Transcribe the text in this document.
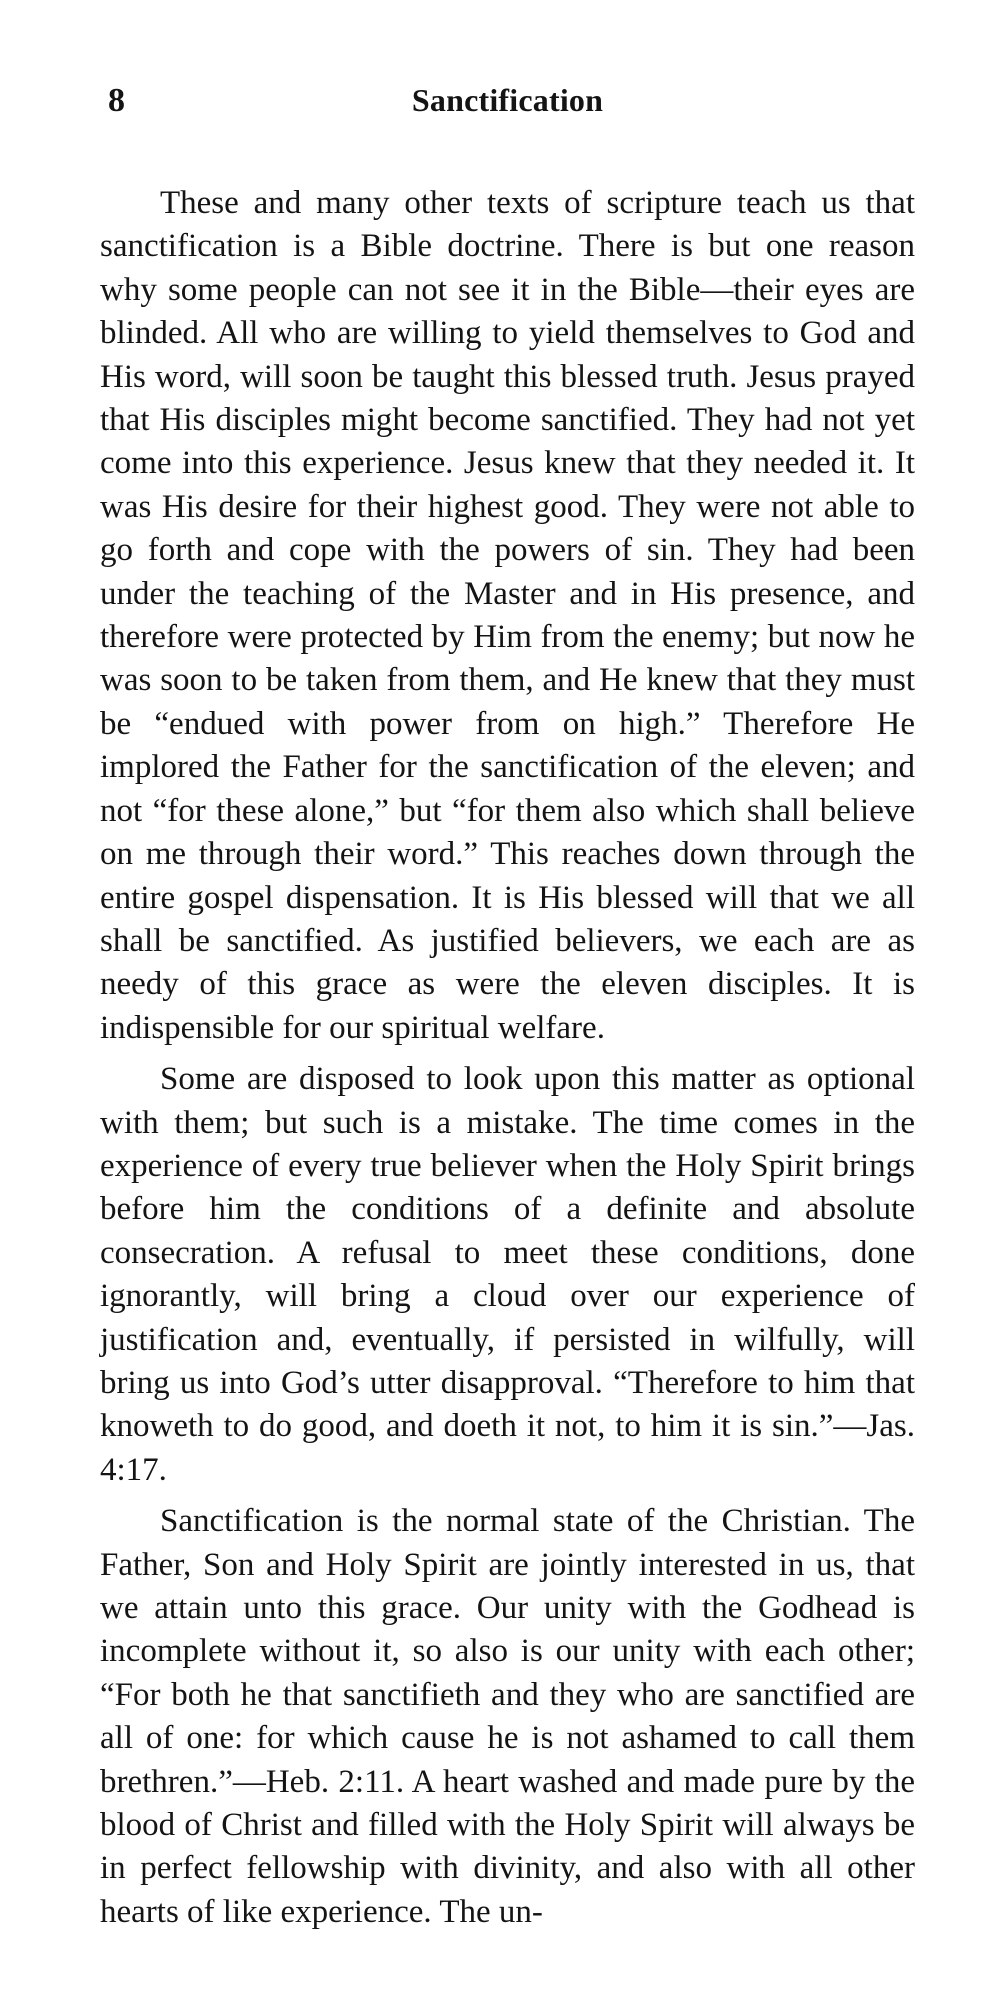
8	Sanctification

These and many other texts of scripture teach us that sanctification is a Bible doctrine. There is but one reason why some people can not see it in the Bible—their eyes are blinded. All who are willing to yield themselves to God and His word, will soon be taught this blessed truth. Jesus prayed that His disciples might become sanctified. They had not yet come into this experience. Jesus knew that they needed it. It was His desire for their highest good. They were not able to go forth and cope with the powers of sin. They had been under the teaching of the Master and in His presence, and therefore were protected by Him from the enemy; but now he was soon to be taken from them, and He knew that they must be “endued with power from on high.” Therefore He implored the Father for the sanctification of the eleven; and not “for these alone,” but “for them also which shall believe on me through their word.” This reaches down through the entire gospel dispensation. It is His blessed will that we all shall be sanctified. As justified believers, we each are as needy of this grace as were the eleven disciples. It is indispensible for our spiritual welfare.

Some are disposed to look upon this matter as optional with them; but such is a mistake. The time comes in the experience of every true believer when the Holy Spirit brings before him the conditions of a definite and absolute consecration. A refusal to meet these conditions, done ignorantly, will bring a cloud over our experience of justification and, eventually, if persisted in wilfully, will bring us into God’s utter disapproval. “Therefore to him that knoweth to do good, and doeth it not, to him it is sin.”—Jas. 4:17.

Sanctification is the normal state of the Christian. The Father, Son and Holy Spirit are jointly interested in us, that we attain unto this grace. Our unity with the Godhead is incomplete without it, so also is our unity with each other; “For both he that sanctifieth and they who are sanctified are all of one: for which cause he is not ashamed to call them brethren.”—Heb. 2:11. A heart washed and made pure by the blood of Christ and filled with the Holy Spirit will always be in perfect fellowship with divinity, and also with all other hearts of like experience. The un-
